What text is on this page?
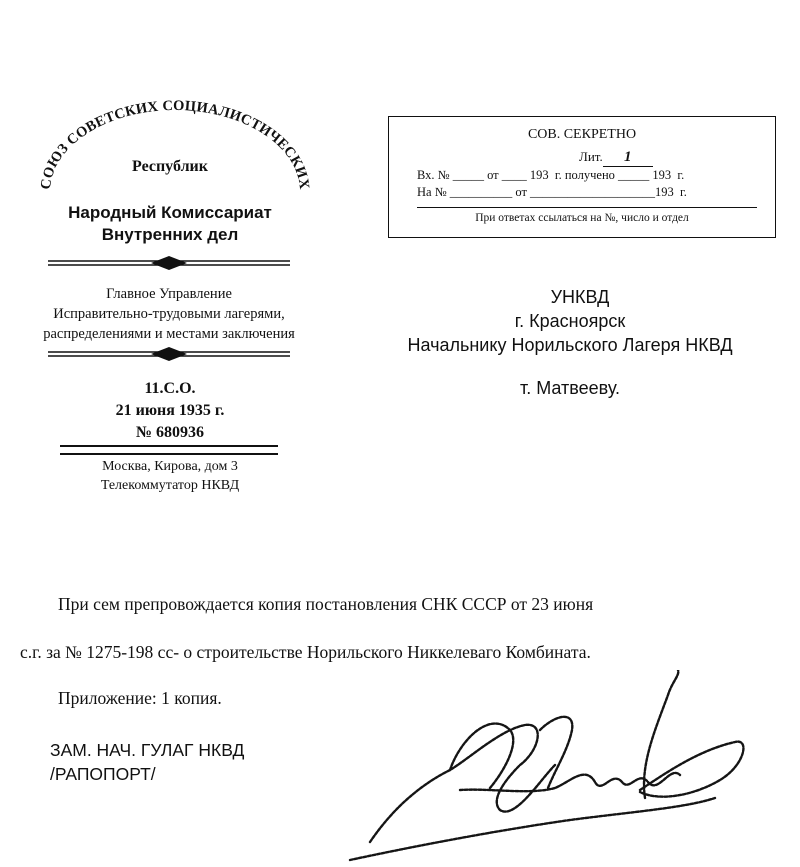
СОЮЗ СОВЕТСКИХ СОЦИАЛИСТИЧЕСКИХ
Республик
Народный Комиссариат
Внутренних дел
Главное Управление
Исправительно-трудовыми лагерями,
распределениями и местами заключения
11.С.О.
21 июня 1935 г.
№ 680936
Москва, Кирова, дом 3
Телекоммутатор НКВД
СОВ. СЕКРЕТНО
Лит. 1
Вх. № _____ от ____ 193  г. получено _____ 193  г.
На № __________ от ____________________193  г.
При ответах ссылаться на №, число и отдел
УНКВД
г. Красноярск
Начальнику Норильского Лагеря НКВД
т. Матвееву.
При сем препровождается копия постановления СНК СССР от 23 июня
с.г. за № 1275-198 сс- о строительстве Норильского Никкелеваго Комбината.
Приложение: 1 копия.
ЗАМ. НАЧ. ГУЛАГ НКВД
/РАПОПОРТ/
